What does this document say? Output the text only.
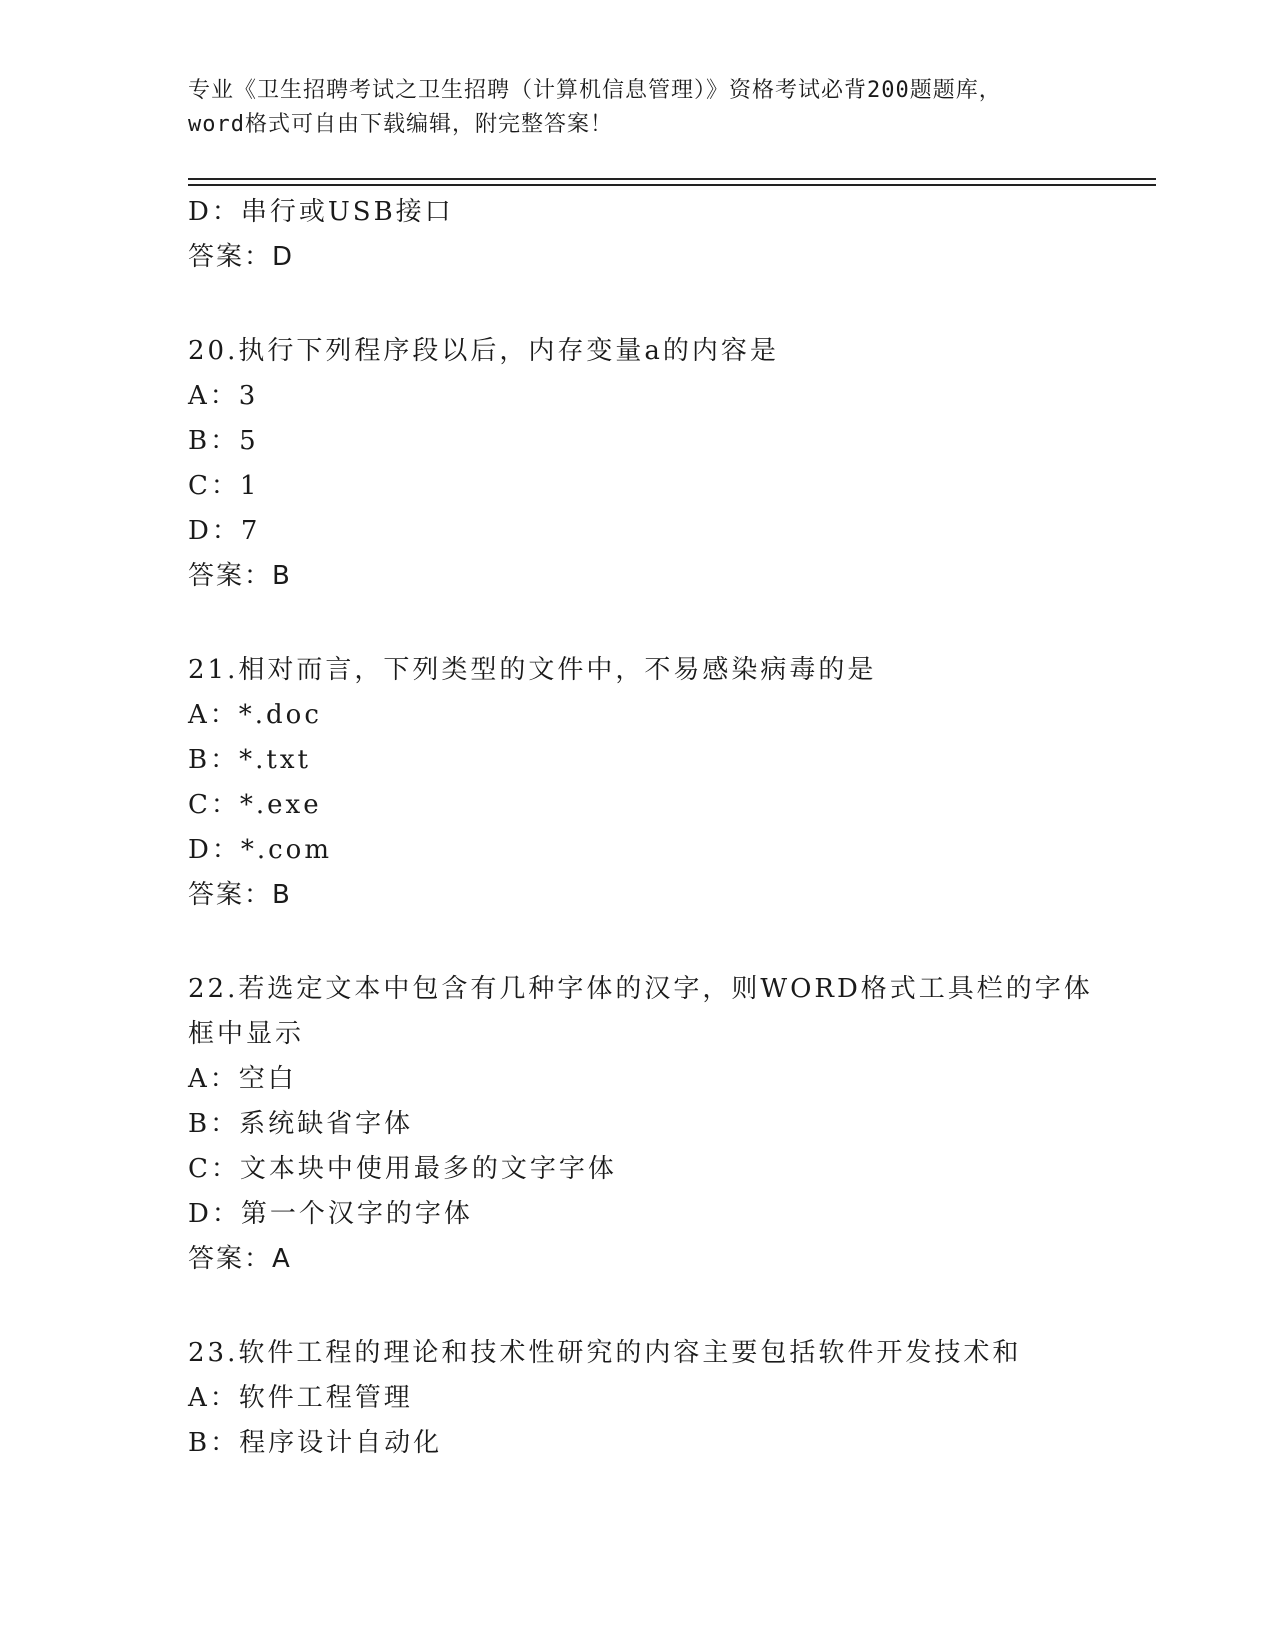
专业《卫生招聘考试之卫生招聘（计算机信息管理）》资格考试必背200题题库，
word格式可自由下载编辑，附完整答案！
D：串行或USB接口
答案：D
20.执行下列程序段以后，内存变量a的内容是
A：3
B：5
C：1
D：7
答案：B
21.相对而言，下列类型的文件中，不易感染病毒的是
A：*.doc
B：*.txt
C：*.exe
D：*.com
答案：B
22.若选定文本中包含有几种字体的汉字，则WORD格式工具栏的字体
框中显示
A：空白
B：系统缺省字体
C：文本块中使用最多的文字字体
D：第一个汉字的字体
答案：A
23.软件工程的理论和技术性研究的内容主要包括软件开发技术和
A：软件工程管理
B：程序设计自动化
